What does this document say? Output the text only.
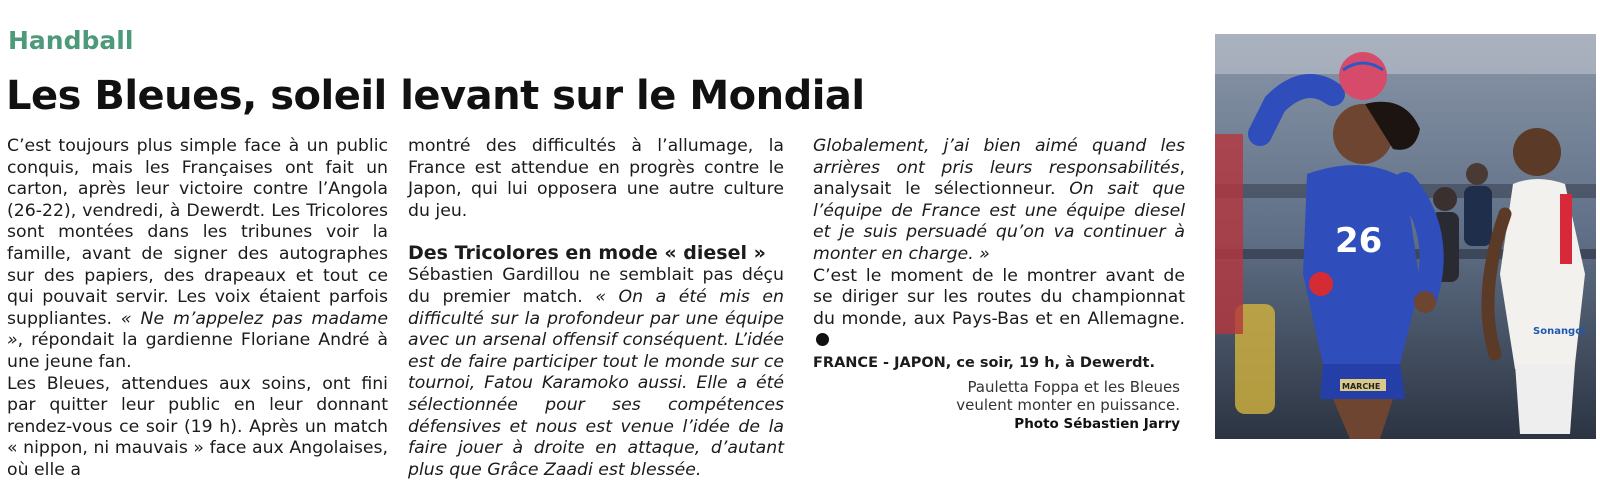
Handball
Les Bleues, soleil levant sur le Mondial

C’est toujours plus simple face à un public conquis, mais les Françaises ont fait un carton, après leur victoire contre l’Angola (26-22), vendredi, à Dewerdt. Les Tricolores sont montées dans les tribunes voir la famille, avant de signer des autographes sur des papiers, des drapeaux et tout ce qui pouvait servir. Les voix étaient parfois suppliantes. « Ne m’appelez pas madame », répondait la gardienne Floriane André à une jeune fan.

Les Bleues, attendues aux soins, ont fini par quitter leur public en leur donnant rendez-vous ce soir (19 h). Après un match « nippon, ni mauvais » face aux Angolaises, où elle a

montré des difficultés à l’allumage, la France est attendue en progrès contre le Japon, qui lui opposera une autre culture du jeu.

Des Tricolores en mode « diesel »

Sébastien Gardillou ne semblait pas déçu du premier match. « On a été mis en difficulté sur la profondeur par une équipe avec un arsenal offensif conséquent. L’idée est de faire participer tout le monde sur ce tournoi, Fatou Karamoko aussi. Elle a été sélectionnée pour ses compétences défensives et nous est venue l’idée de la faire jouer à droite en attaque, d’autant plus que Grâce Zaadi est blessée.

Globalement, j’ai bien aimé quand les arrières ont pris leurs responsabilités, analysait le sélectionneur. On sait que l’équipe de France est une équipe diesel et je suis persuadé qu’on va continuer à monter en charge. »

C’est le moment de le montrer avant de se diriger sur les routes du championnat du monde, aux Pays-Bas et en Allemagne.

FRANCE - JAPON, ce soir, 19 h, à Dewerdt.

Pauletta Foppa et les Bleues
veulent monter en puissance.
Photo Sébastien Jarry
Sonangol
26
MARCHE
